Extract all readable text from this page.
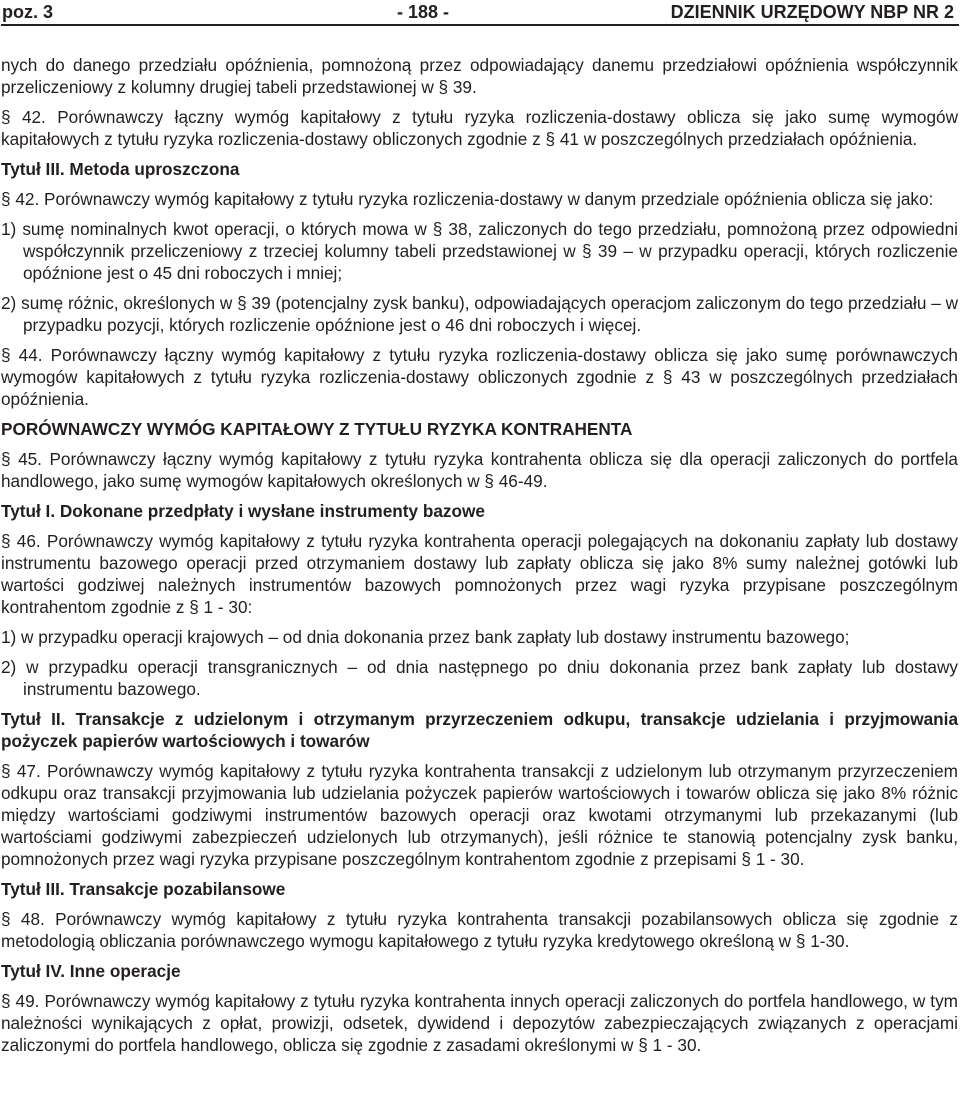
poz. 3	- 188 -	DZIENNIK URZĘDOWY NBP NR 2

nych do danego przedziału opóźnienia, pomnożoną przez odpowiadający danemu przedziałowi opóźnienia współczynnik przeliczeniowy z kolumny drugiej tabeli przedstawionej w § 39.

§ 42. Porównawczy łączny wymóg kapitałowy z tytułu ryzyka rozliczenia-dostawy oblicza się jako sumę wymogów kapitałowych z tytułu ryzyka rozliczenia-dostawy obliczonych zgodnie z § 41 w poszczególnych przedziałach opóźnienia.

Tytuł III. Metoda uproszczona

§ 42. Porównawczy wymóg kapitałowy z tytułu ryzyka rozliczenia-dostawy w danym przedziale opóźnienia oblicza się jako:

1) sumę nominalnych kwot operacji, o których mowa w § 38, zaliczonych do tego przedziału, pomnożoną przez odpowiedni współczynnik przeliczeniowy z trzeciej kolumny tabeli przedstawionej w § 39 – w przypadku operacji, których rozliczenie opóźnione jest o 45 dni roboczych i mniej;

2) sumę różnic, określonych w § 39 (potencjalny zysk banku), odpowiadających operacjom zaliczonym do tego przedziału – w przypadku pozycji, których rozliczenie opóźnione jest o 46 dni roboczych i więcej.

§ 44. Porównawczy łączny wymóg kapitałowy z tytułu ryzyka rozliczenia-dostawy oblicza się jako sumę porównawczych wymogów kapitałowych z tytułu ryzyka rozliczenia-dostawy obliczonych zgodnie z § 43 w poszczególnych przedziałach opóźnienia.

PORÓWNAWCZY WYMÓG KAPITAŁOWY Z TYTUŁU RYZYKA KONTRAHENTA

§ 45. Porównawczy łączny wymóg kapitałowy z tytułu ryzyka kontrahenta oblicza się dla operacji zaliczonych do portfela handlowego, jako sumę wymogów kapitałowych określonych w § 46-49.

Tytuł I. Dokonane przedpłaty i wysłane instrumenty bazowe

§ 46. Porównawczy wymóg kapitałowy z tytułu ryzyka kontrahenta operacji polegających na dokonaniu zapłaty lub dostawy instrumentu bazowego operacji przed otrzymaniem dostawy lub zapłaty oblicza się jako 8% sumy należnej gotówki lub wartości godziwej należnych instrumentów bazowych pomnożonych przez wagi ryzyka przypisane poszczególnym kontrahentom zgodnie z § 1 - 30:

1) w przypadku operacji krajowych – od dnia dokonania przez bank zapłaty lub dostawy instrumentu bazowego;

2) w przypadku operacji transgranicznych – od dnia następnego po dniu dokonania przez bank zapłaty lub dostawy instrumentu bazowego.

Tytuł II. Transakcje z udzielonym i otrzymanym przyrzeczeniem odkupu, transakcje udzielania i przyjmowania pożyczek papierów wartościowych i towarów

§ 47. Porównawczy wymóg kapitałowy z tytułu ryzyka kontrahenta transakcji z udzielonym lub otrzymanym przyrzeczeniem odkupu oraz transakcji przyjmowania lub udzielania pożyczek papierów wartościowych i towarów oblicza się jako 8% różnic między wartościami godziwymi instrumentów bazowych operacji oraz kwotami otrzymanymi lub przekazanymi (lub wartościami godziwymi zabezpieczeń udzielonych lub otrzymanych), jeśli różnice te stanowią potencjalny zysk banku, pomnożonych przez wagi ryzyka przypisane poszczególnym kontrahentom zgodnie z przepisami § 1 - 30.

Tytuł III. Transakcje pozabilansowe

§ 48. Porównawczy wymóg kapitałowy z tytułu ryzyka kontrahenta transakcji pozabilansowych oblicza się zgodnie z metodologią obliczania porównawczego wymogu kapitałowego z tytułu ryzyka kredytowego określoną w § 1-30.

Tytuł IV. Inne operacje

§ 49. Porównawczy wymóg kapitałowy z tytułu ryzyka kontrahenta innych operacji zaliczonych do portfela handlowego, w tym należności wynikających z opłat, prowizji, odsetek, dywidend i depozytów zabezpieczających związanych z operacjami zaliczonymi do portfela handlowego, oblicza się zgodnie z zasadami określonymi w § 1 - 30.
